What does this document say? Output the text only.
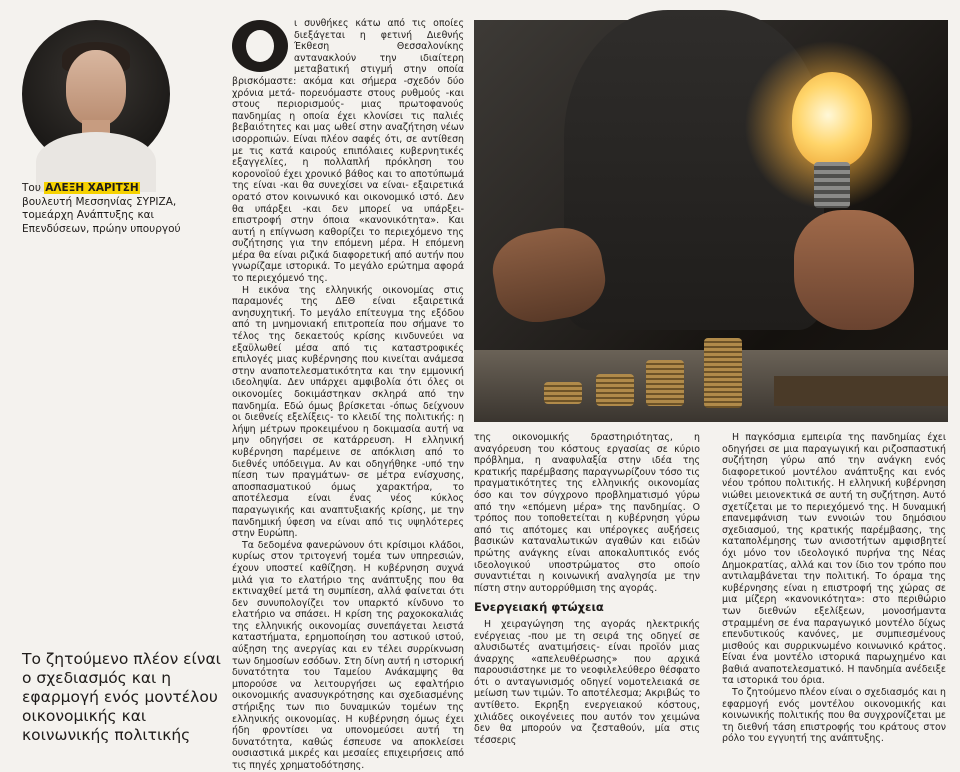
Του ΑΛΕΞΗ ΧΑΡΙΤΣΗ
βουλευτή Μεσσηνίας ΣΥΡΙΖΑ, τομεάρχη Ανάπτυξης και Επενδύσεων, πρώην υπουργού
Το ζητούμενο πλέον είναι ο σχεδιασμός και η εφαρμογή ενός μοντέλου οικονομικής και κοινωνικής πολιτικής

ι συνθήκες κάτω από τις οποίες διεξάγεται η φετινή Διεθνής Έκθεση Θεσσαλονίκης αντανακλούν την ιδιαίτερη μεταβατική στιγμή στην οποία βρισκόμαστε: ακόμα και σήμερα -σχεδόν δύο χρόνια μετά- πορευόμαστε στους ρυθμούς -και στους περιορισμούς- μιας πρωτοφανούς πανδημίας η οποία έχει κλονίσει τις παλιές βεβαιότητες και μας ωθεί στην αναζήτηση νέων ισορροπιών. Είναι πλέον σαφές ότι, σε αντίθεση με τις κατά καιρούς επιπόλαιες κυβερνητικές εξαγγελίες, η πολλαπλή πρόκληση του κορονοϊού έχει χρονικό βάθος και το αποτύπωμά της είναι -και θα συνεχίσει να είναι- εξαιρετικά ορατό στον κοινωνικό και οικονομικό ιστό. Δεν θα υπάρξει -και δεν μπορεί να υπάρξει- επιστροφή στην όποια «κανονικότητα». Και αυτή η επίγνωση καθορίζει το περιεχόμενο της συζήτησης για την επόμενη μέρα. Η επόμενη μέρα θα είναι ριζικά διαφορετική από αυτήν που γνωρίζαμε ιστορικά. Το μεγάλο ερώτημα αφορά το περιεχόμενό της.

Η εικόνα της ελληνικής οικονομίας στις παραμονές της ΔΕΘ είναι εξαιρετικά ανησυχητική. Το μεγάλο επίτευγμα της εξόδου από τη μνημονιακή επιτροπεία που σήμανε το τέλος της δεκαετούς κρίσης κινδυνεύει να εξαϋλωθεί μέσα από τις καταστροφικές επιλογές μιας κυβέρνησης που κινείται ανάμεσα στην αναποτελεσματικότητα και την εμμονική ιδεοληψία. Δεν υπάρχει αμφιβολία ότι όλες οι οικονομίες δοκιμάστηκαν σκληρά από την πανδημία. Εδώ όμως βρίσκεται -όπως δείχνουν οι διεθνείς εξελίξεις- το κλειδί της πολιτικής: η λήψη μέτρων προκειμένου η δοκιμασία αυτή να μην οδηγήσει σε κατάρρευση. Η ελληνική κυβέρνηση παρέμεινε σε απόκλιση από το διεθνές υπόδειγμα. Αν και οδηγήθηκε -υπό την πίεση των πραγμάτων- σε μέτρα ενίσχυσης, αποσπασματικού όμως χαρακτήρα, το αποτέλεσμα είναι ένας νέος κύκλος παραγωγικής και αναπτυξιακής κρίσης, με την πανδημική ύφεση να είναι από τις υψηλότερες στην Ευρώπη.

Τα δεδομένα φανερώνουν ότι κρίσιμοι κλάδοι, κυρίως στον τριτογενή τομέα των υπηρεσιών, έχουν υποστεί καθίζηση. Η κυβέρνηση συχνά μιλά για το ελατήριο της ανάπτυξης που θα εκτιναχθεί μετά τη συμπίεση, αλλά φαίνεται ότι δεν συνυπολογίζει τον υπαρκτό κίνδυνο το ελατήριο να σπάσει. Η κρίση της ραχοκοκαλιάς της ελληνικής οικονομίας συνεπάγεται λειστά καταστήματα, ερημοποίηση του αστικού ιστού, αύξηση της ανεργίας και εν τέλει συρρίκνωση των δημοσίων εσόδων. Στη δίνη αυτή η ιστορική δυνατότητα του Ταμείου Ανάκαμψης θα μπορούσε να λειτουργήσει ως εφαλτήριο οικονομικής ανασυγκρότησης και σχεδιασμένης στήριξης των πιο δυναμικών τομέων της ελληνικής οικονομίας. Η κυβέρνηση όμως έχει ήδη φροντίσει να υπονομεύσει αυτή τη δυνατότητα, καθώς έσπευσε να αποκλείσει ουσιαστικά μικρές και μεσαίες επιχειρήσεις από τις πηγές χρηματοδότησης.

της οικονομικής δραστηριότητας, η αναγόρευση του κόστους εργασίας σε κύριο πρόβλημα, η αναφυλαξία στην ιδέα της κρατικής παρέμβασης παραγνωρίζουν τόσο τις πραγματικότητες της ελληνικής οικονομίας όσο και τον σύγχρονο προβληματισμό γύρω από την «επόμενη μέρα» της πανδημίας. Ο τρόπος που τοποθετείται η κυβέρνηση γύρω από τις απότομες και υπέρογκες αυξήσεις βασικών καταναλωτικών αγαθών και ειδών πρώτης ανάγκης είναι αποκαλυπτικός ενός ιδεολογικού υποστρώματος στο οποίο συναντιέται η κοινωνική αναλγησία με την πίστη στην αυτορρύθμιση της αγοράς.

Ενεργειακή φτώχεια

Η χειραγώγηση της αγοράς ηλεκτρικής ενέργειας -που με τη σειρά της οδηγεί σε αλυσιδωτές ανατιμήσεις- είναι προϊόν μιας άναρχης «απελευθέρωσης» που αρχικά παρουσιάστηκε με το νεοφιλελεύθερο θέσφατο ότι ο ανταγωνισμός οδηγεί νομοτελειακά σε μείωση των τιμών. Το αποτέλεσμα; Ακριβώς το αντίθετο. Εκρηξη ενεργειακού κόστους, χιλιάδες οικογένειες που αυτόν τον χειμώνα δεν θα μπορούν να ζεσταθούν, μία στις τέσσερις

Η παγκόσμια εμπειρία της πανδημίας έχει οδηγήσει σε μια παραγωγική και ριζοσπαστική συζήτηση γύρω από την ανάγκη ενός διαφορετικού μοντέλου ανάπτυξης και ενός νέου τρόπου πολιτικής. Η ελληνική κυβέρνηση νιώθει μειονεκτικά σε αυτή τη συζήτηση. Αυτό σχετίζεται με το περιεχόμενό της. Η δυναμική επανεμφάνιση των εννοιών του δημόσιου σχεδιασμού, της κρατικής παρέμβασης, της καταπολέμησης των ανισοτήτων αμφισβητεί όχι μόνο τον ιδεολογικό πυρήνα της Νέας Δημοκρατίας, αλλά και τον ίδιο τον τρόπο που αντιλαμβάνεται την πολιτική. Το όραμα της κυβέρνησης είναι η επιστροφή της χώρας σε μια μίζερη «κανονικότητα»: στο περιθώριο των διεθνών εξελίξεων, μονοσήμαντα στραμμένη σε ένα παραγωγικό μοντέλο δίχως επενδυτικούς κανόνες, με συμπιεσμένους μισθούς και συρρικνωμένο κοινωνικό κράτος. Είναι ένα μοντέλο ιστορικά παρωχημένο και βαθιά αναποτελεσματικό. Η πανδημία ανέδειξε τα ιστορικά του όρια.

Το ζητούμενο πλέον είναι ο σχεδιασμός και η εφαρμογή ενός μοντέλου οικονομικής και κοινωνικής πολιτικής που θα συγχρονίζεται με τη διεθνή τάση επιστροφής του κράτους στον ρόλο του εγγυητή της ανάπτυξης.
